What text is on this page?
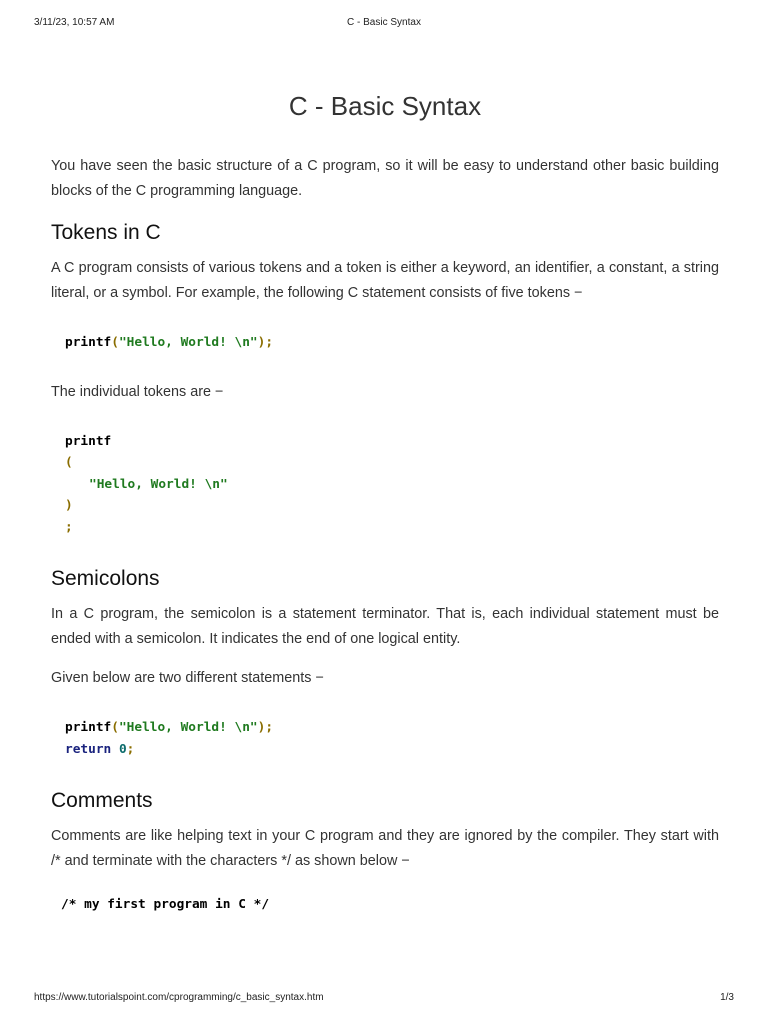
3/11/23, 10:57 AM	C - Basic Syntax
C - Basic Syntax

You have seen the basic structure of a C program, so it will be easy to understand other basic building blocks of the C programming language.

Tokens in C

A C program consists of various tokens and a token is either a keyword, an identifier, a constant, a string literal, or a symbol. For example, the following C statement consists of five tokens −

printf("Hello, World! \n");

The individual tokens are −

printf
(
"Hello, World! \n"
)
;
Semicolons

In a C program, the semicolon is a statement terminator. That is, each individual statement must be ended with a semicolon. It indicates the end of one logical entity.

Given below are two different statements −

printf("Hello, World! \n");
return 0;
Comments

Comments are like helping text in your C program and they are ignored by the compiler. They start with /* and terminate with the characters */ as shown below −

/* my first program in C */
https://www.tutorialspoint.com/cprogramming/c_basic_syntax.htm	1/3
